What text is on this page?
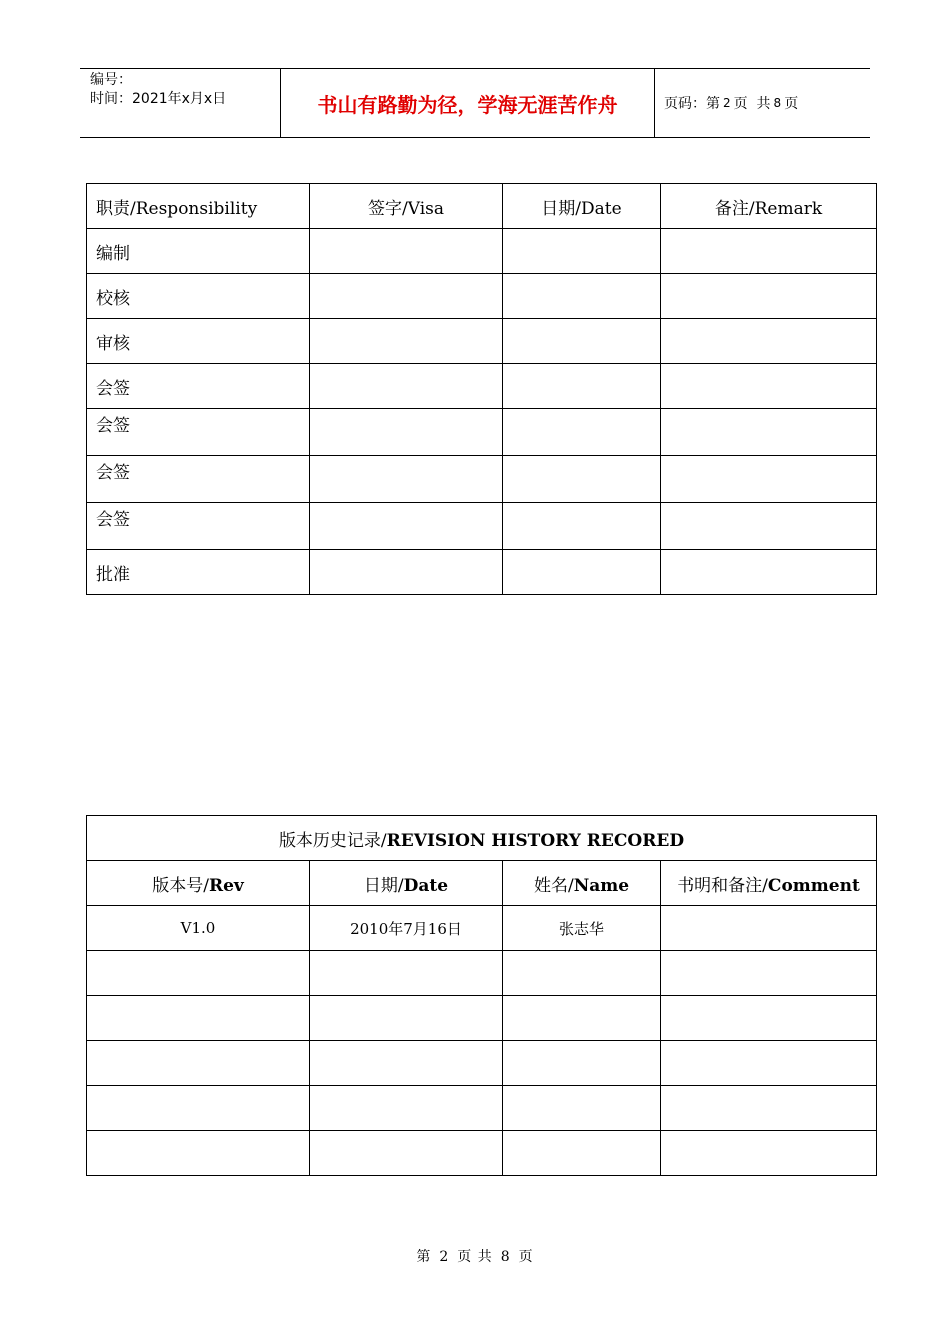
编号：
时间：2021年x月x日	书山有路勤为径，学海无涯苦作舟	页码：第 2 页  共 8 页
职责/Responsibility	签字/Visa	日期/Date	备注/Remark
编制			
校核			
审核			
会签			
会签			
会签			
会签			
批准			
版本历史记录/REVISION HISTORY RECORED			
版本号/Rev	日期/Date	姓名/Name	书明和备注/Comment
V1.0	2010年7月16日	张志华	

第 2 页 共 8 页
